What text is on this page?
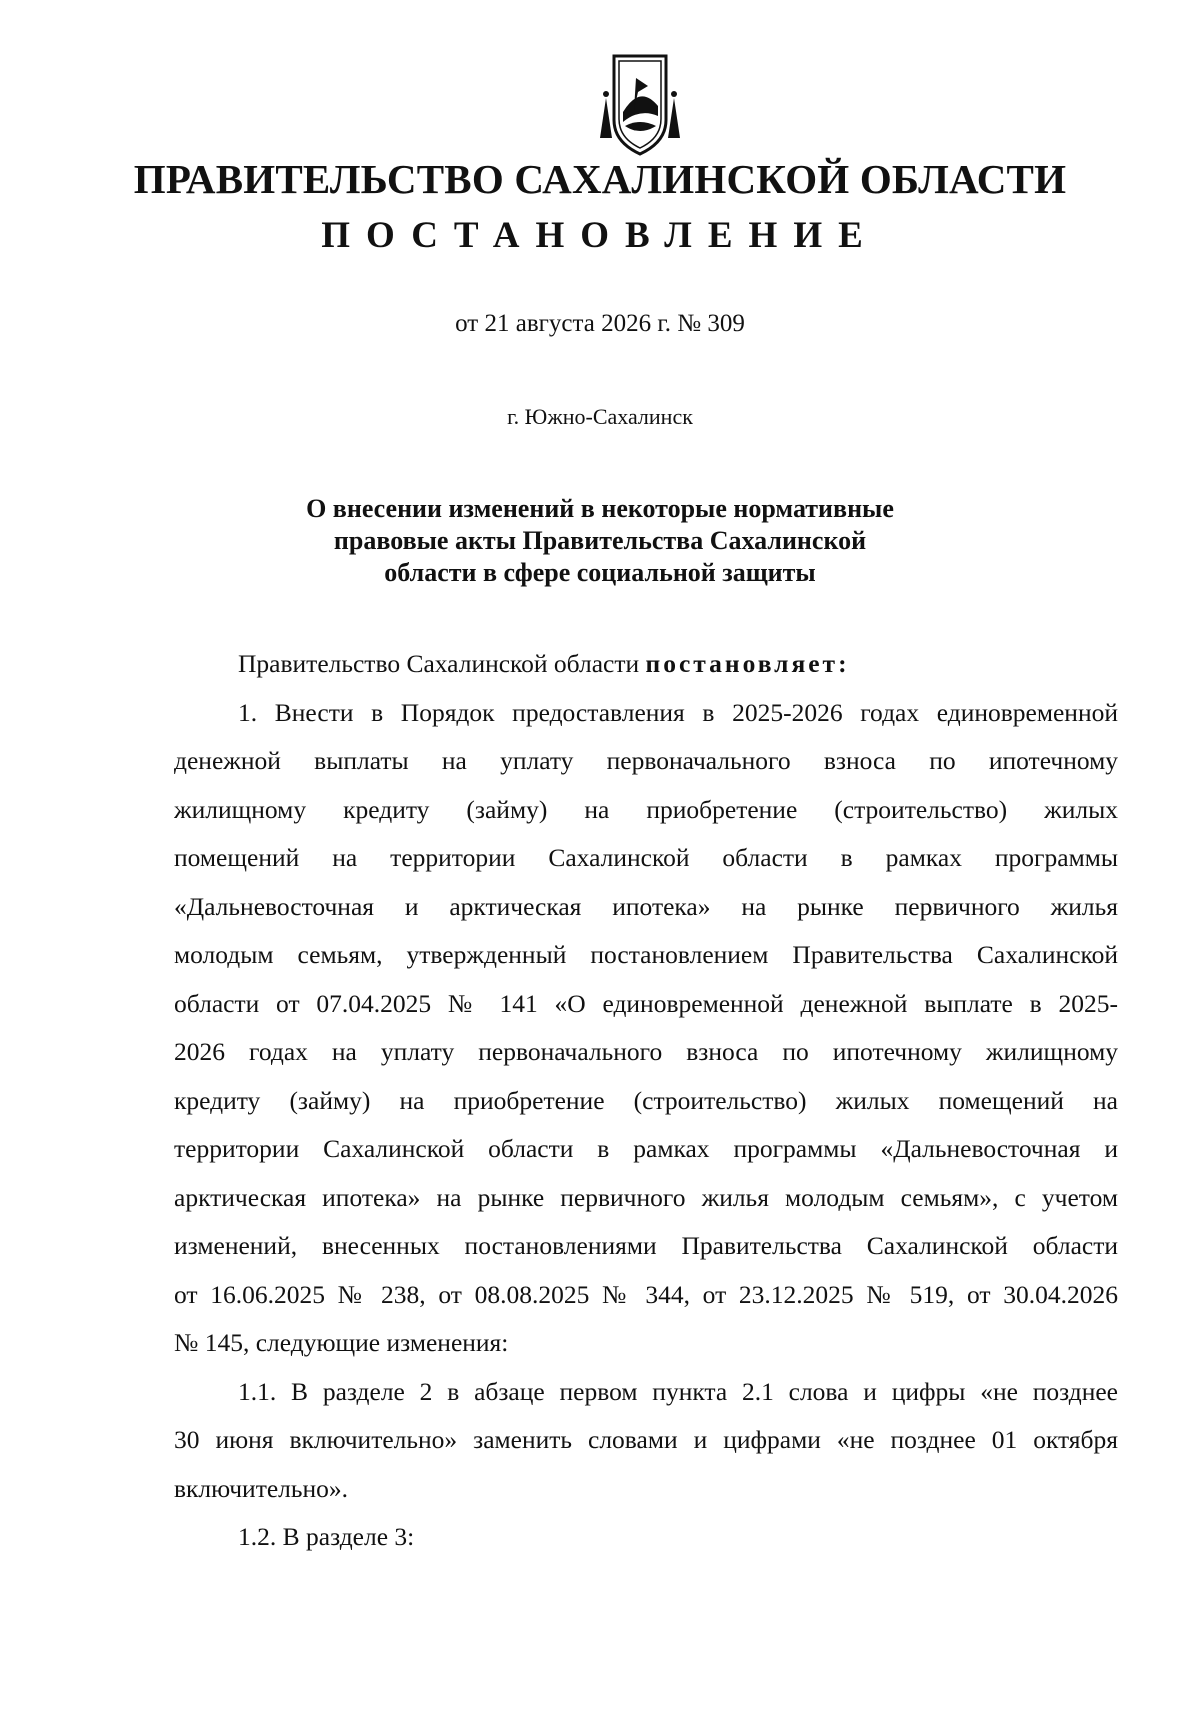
ПРАВИТЕЛЬСТВО САХАЛИНСКОЙ ОБЛАСТИ
ПОСТАНОВЛЕНИЕ
от 21 августа 2026 г. № 309
г. Южно-Сахалинск
О внесении изменений в некоторые нормативные
правовые акты Правительства Сахалинской
области в сфере социальной защиты
Правительство Сахалинской области постановляет:
1. Внести в Порядок предоставления в 2025-2026 годах единовременной
денежной выплаты на уплату первоначального взноса по ипотечному
жилищному кредиту (займу) на приобретение (строительство) жилых
помещений на территории Сахалинской области в рамках программы
«Дальневосточная и арктическая ипотека» на рынке первичного жилья
молодым семьям, утвержденный постановлением Правительства Сахалинской
области от 07.04.2025 № 141 «О единовременной денежной выплате в 2025-
2026 годах на уплату первоначального взноса по ипотечному жилищному
кредиту (займу) на приобретение (строительство) жилых помещений на
территории Сахалинской области в рамках программы «Дальневосточная и
арктическая ипотека» на рынке первичного жилья молодым семьям», с учетом
изменений, внесенных постановлениями Правительства Сахалинской области
от 16.06.2025 № 238, от 08.08.2025 № 344, от 23.12.2025 № 519, от 30.04.2026
№ 145, следующие изменения:
1.1. В разделе 2 в абзаце первом пункта 2.1 слова и цифры «не позднее
30 июня включительно» заменить словами и цифрами «не позднее 01 октября
включительно».
1.2. В разделе 3:
